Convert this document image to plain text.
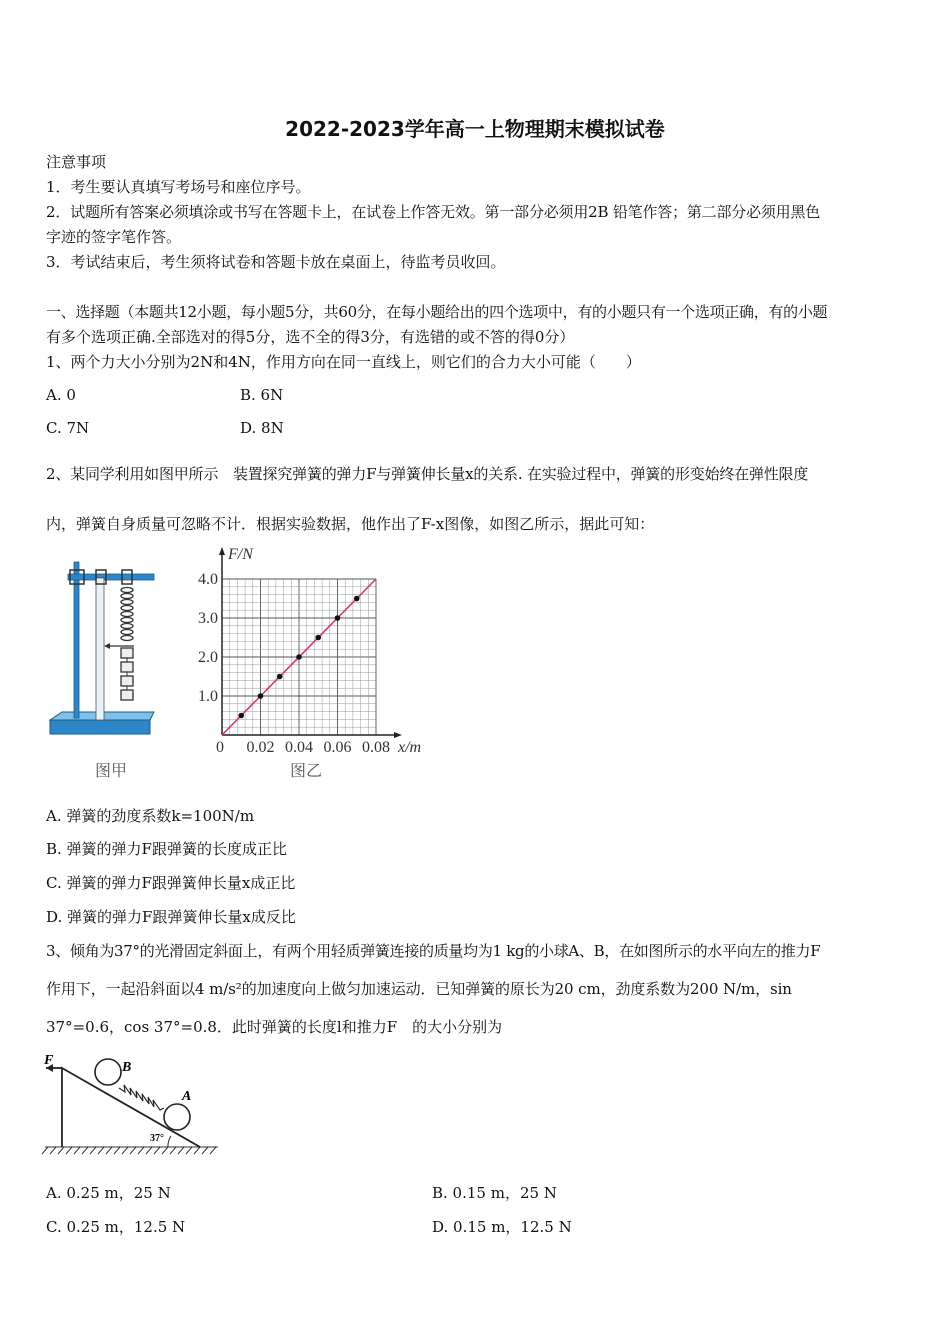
2022-2023学年高一上物理期末模拟试卷
注意事项
1．考生要认真填写考场号和座位序号。
2．试题所有答案必须填涂或书写在答题卡上，在试卷上作答无效。第一部分必须用2B 铅笔作答；第二部分必须用黑色
字迹的签字笔作答。
3．考试结束后，考生须将试卷和答题卡放在桌面上，待监考员收回。
一、选择题（本题共12小题，每小题5分，共60分，在每小题给出的四个选项中，有的小题只有一个选项正确，有的小题
有多个选项正确.全部选对的得5分，选不全的得3分，有选错的或不答的得0分）
1、两个力大小分别为2N和4N，作用方向在同一直线上，则它们的合力大小可能（　　）
A. 0	B. 6N
C. 7N	D. 8N
2、某同学利用如图甲所示　装置探究弹簧的弹力F与弹簧伸长量x的关系. 在实验过程中，弹簧的形变始终在弹性限度
内，弹簧自身质量可忽略不计．根据实验数据，他作出了F-x图像，如图乙所示，据此可知：
图甲
1.0
2.0
3.0
4.0
0 0.02 0.04 0.06 0.08
F/N
x/m
图乙
A. 弹簧的劲度系数k=100N/m
B. 弹簧的弹力F跟弹簧的长度成正比
C. 弹簧的弹力F跟弹簧伸长量x成正比
D. 弹簧的弹力F跟弹簧伸长量x成反比
3、倾角为37°的光滑固定斜面上，有两个用轻质弹簧连接的质量均为1 kg的小球A、B，在如图所示的水平向左的推力F
作用下，一起沿斜面以4 m/s²的加速度向上做匀加速运动．已知弹簧的原长为20 cm，劲度系数为200 N/m，sin
37°=0.6，cos 37°=0.8．此时弹簧的长度l和推力F　的大小分别为
F	B
A
37°
A. 0.25 m，25 N	B. 0.15 m，25 N
C. 0.25 m，12.5 N	D. 0.15 m，12.5 N
